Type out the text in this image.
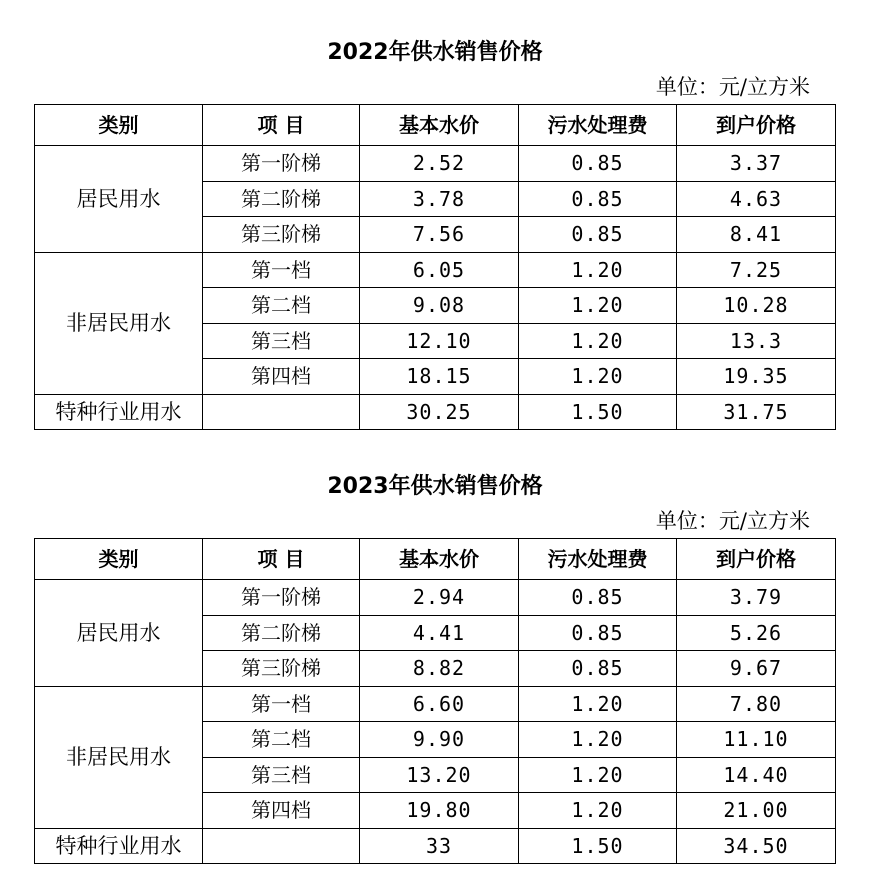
2022年供水销售价格
单位：元/立方米
类别	项 目	基本水价	污水处理费	到户价格
居民用水	第一阶梯	2.52	0.85	3.37
	第二阶梯	3.78	0.85	4.63
	第三阶梯	7.56	0.85	8.41
非居民用水	第一档	6.05	1.20	7.25
	第二档	9.08	1.20	10.28
	第三档	12.10	1.20	13.3
	第四档	18.15	1.20	19.35
特种行业用水		30.25	1.50	31.75
2023年供水销售价格
单位：元/立方米
类别	项 目	基本水价	污水处理费	到户价格
居民用水	第一阶梯	2.94	0.85	3.79
	第二阶梯	4.41	0.85	5.26
	第三阶梯	8.82	0.85	9.67
非居民用水	第一档	6.60	1.20	7.80
	第二档	9.90	1.20	11.10
	第三档	13.20	1.20	14.40
	第四档	19.80	1.20	21.00
特种行业用水		33	1.50	34.50
